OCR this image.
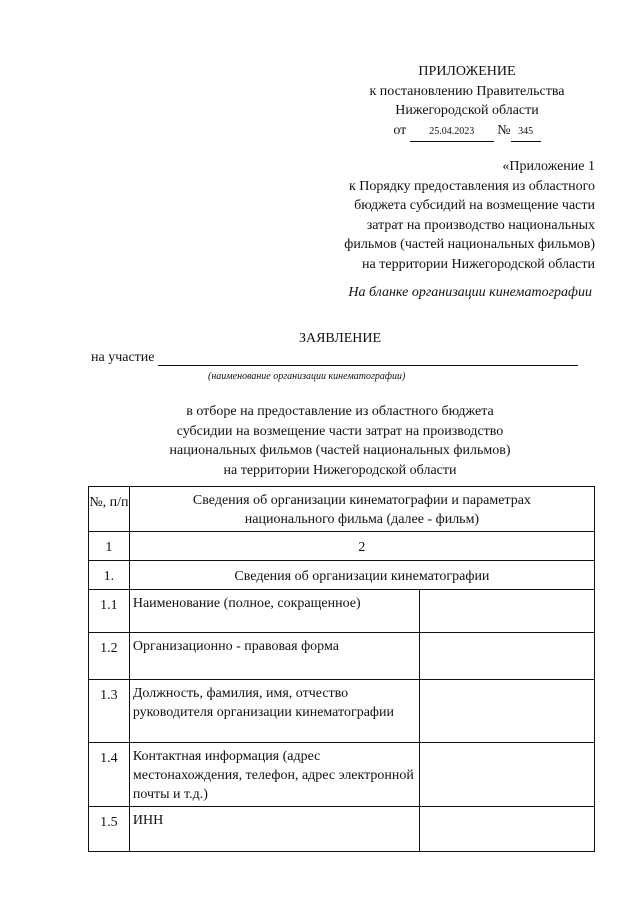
ПРИЛОЖЕНИЕ
к постановлению Правительства
Нижегородской области
от 25.04.2023 № 345
«Приложение 1
к Порядку предоставления из областного
бюджета субсидий на возмещение части
затрат на производство национальных
фильмов (частей национальных фильмов)
на территории Нижегородской области
На бланке организации кинематографии
ЗАЯВЛЕНИЕ
на участие
(наименование организации кинематографии)
в отборе на предоставление из областного бюджета
субсидии на возмещение части затрат на производство
национальных фильмов (частей национальных фильмов)
на территории Нижегородской области
№, п/п	Сведения об организации кинематографии и параметрах национального фильма (далее - фильм)	
1	2	
1.	Сведения об организации кинематографии	
1.1	Наименование (полное, сокращенное)	
1.2	Организационно - правовая форма	
1.3	Должность, фамилия, имя, отчество руководителя организации кинематографии	
1.4	Контактная информация (адрес местонахождения, телефон, адрес электронной почты и т.д.)	
1.5	ИНН	
